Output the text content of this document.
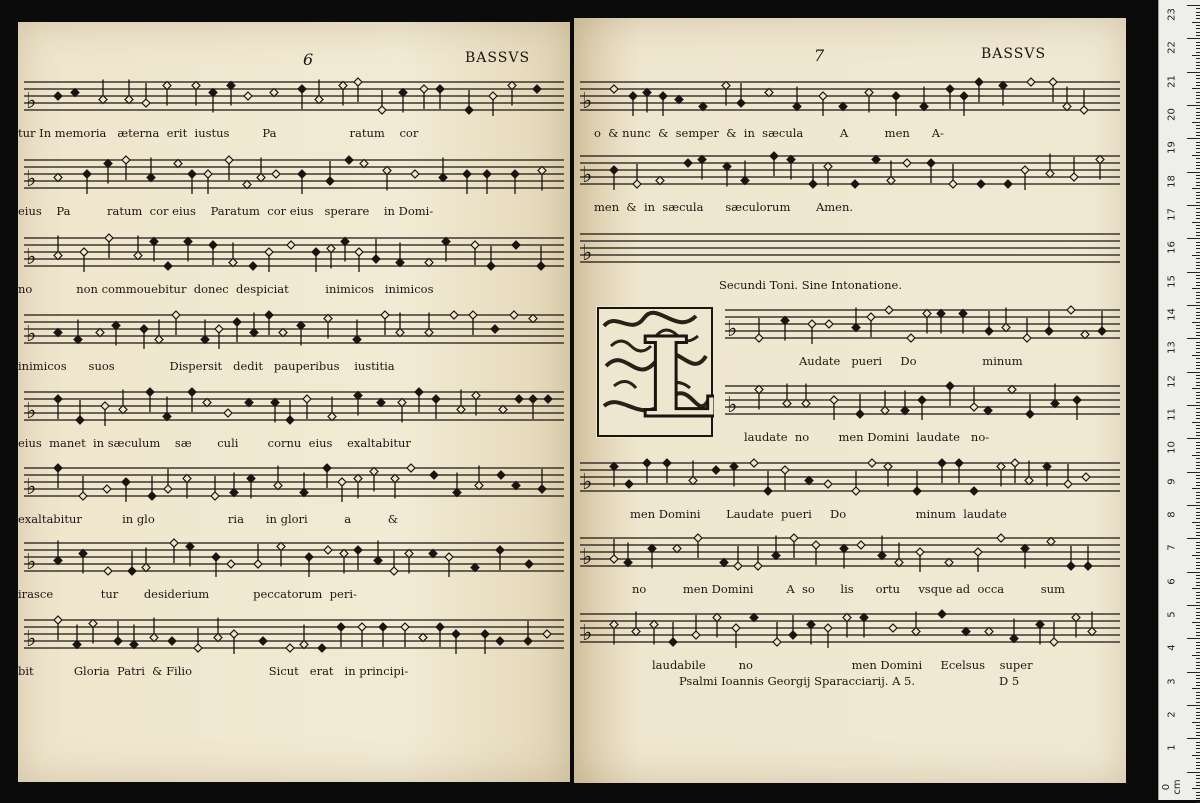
6	BASSVS
♭
tur In memoria   æterna  erit  iustus         Pa                    ratum    cor
♭
eius    Pa          ratum  cor eius    Paratum  cor eius   sperare    in Domi-
♭
no            non commouebitur  donec  despiciat          inimicos   inimicos
♭
inimicos      suos               Dispersit   dedit   pauperibus    iustitia
♭
eius  manet  in sæculum    sæ       culi        cornu  eius    exaltabitur
♭
exaltabitur           in glo                    ria      in glori          a          &
♭
irasce             tur       desiderium            peccatorum  peri-
♭
bit           Gloria  Patri  & Filio                     Sicut   erat   in principi-
7	BASSVS
♭
o  & nunc  &  semper  &  in  sæcula          A          men      A-
♭
men  &  in  sæcula      sæculorum       Amen.
♭
Secundi Toni. Sine Intonatione.
L ♭
Audate   pueri     Do                  minum
♭
laudate  no        men Domini  laudate   no-
♭
men Domini       Laudate  pueri     Do                   minum  laudate
♭
no          men Domini         A  so       lis      ortu     vsque ad  occa          sum
♭
laudabile         no                           men Domini     Ecelsus    super
Psalmi Ioannis Georgij Sparacciarij. A 5.	D 5
23
22
21
20
19
18
17
16
15
14
13
12
11
10
9
8
7
6
5
4
3
2
1
0 cm
